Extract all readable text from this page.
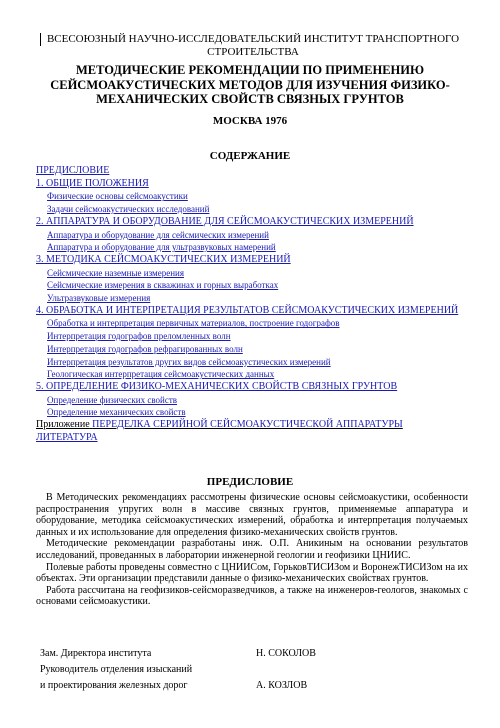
ВСЕСОЮЗНЫЙ НАУЧНО-ИССЛЕДОВАТЕЛЬСКИЙ ИНСТИТУТ ТРАНСПОРТНОГО СТРОИТЕЛЬСТВА
МЕТОДИЧЕСКИЕ РЕКОМЕНДАЦИИ ПО ПРИМЕНЕНИЮ СЕЙСМОАКУСТИЧЕСКИХ МЕТОДОВ ДЛЯ ИЗУЧЕНИЯ ФИЗИКО-МЕХАНИЧЕСКИХ СВОЙСТВ СВЯЗНЫХ ГРУНТОВ
МОСКВА 1976
СОДЕРЖАНИЕ
ПРЕДИСЛОВИЕ
1. ОБЩИЕ ПОЛОЖЕНИЯ
Физические основы сейсмоакустики
Задачи сейсмоакустических исследований
2. АППАРАТУРА И ОБОРУДОВАНИЕ ДЛЯ СЕЙСМОАКУСТИЧЕСКИХ ИЗМЕРЕНИЙ
Аппаратура и оборудование для сейсмических измерений
Аппаратура и оборудование для ультразвуковых намерений
3. МЕТОДИКА СЕЙСМОАКУСТИЧЕСКИХ ИЗМЕРЕНИЙ
Сейсмические наземные измерения
Сейсмические измерения в скважинах и горных выработках
Ультразвуковые измерения
4. ОБРАБОТКА И ИНТЕРПРЕТАЦИЯ РЕЗУЛЬТАТОВ СЕЙСМОАКУСТИЧЕСКИХ ИЗМЕРЕНИЙ
Обработка и интерпретация первичных материалов, построение годографов
Интерпретация годографов преломленных волн
Интерпретация годографов рефрагированных волн
Интерпретация результатов других видов сейсмоакустических измерений
Геологическая интерпретация сейсмоакустических данных
5. ОПРЕДЕЛЕНИЕ ФИЗИКО-МЕХАНИЧЕСКИХ СВОЙСТВ СВЯЗНЫХ ГРУНТОВ
Определение физических свойств
Определение механических свойств
Приложение ПЕРЕДЕЛКА СЕРИЙНОЙ СЕЙСМОАКУСТИЧЕСКОЙ АППАРАТУРЫ
ЛИТЕРАТУРА
ПРЕДИСЛОВИЕ

В Методических рекомендациях рассмотрены физические основы сейсмоакустики, особенности распространения упругих волн в массиве связных грунтов, применяемые аппаратура и оборудование, методика сейсмоакустических измерений, обработка и интерпретация получаемых данных и их использование для определения физико-механических свойств грунтов.

Методические рекомендации разработаны инж. О.П. Аникиным на основании результатов исследований, проведанных в лаборатории инженерной геологии и геофизики ЦНИИС.

Полевые работы проведены совместно с ЦНИИСом, ГорьковТИСИЗом и ВоронежТИСИЗом на их объектах. Эти организации представили данные о физико-механических свойствах грунтов.

Работа рассчитана на геофизиков-сейсморазведчиков, а также на инженеров-геологов, знакомых с основами сейсмоакустики.

Зам. Директора института	Н. СОКОЛОВ
Руководитель отделения изысканий
и проектирования железных дорог	А. КОЗЛОВ
